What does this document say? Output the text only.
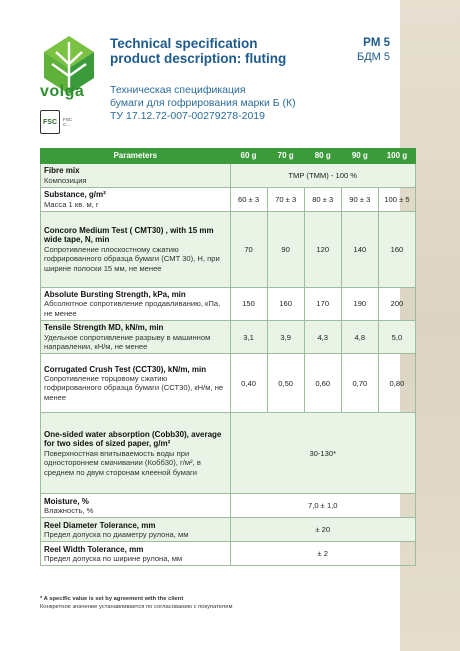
volga
FSC	FSC
C ...
Technical specification
product description: fluting
PM 5
БДМ 5
Техническая спецификация
бумаги для гофрирования марки Б (К)
ТУ 17.12.72-007-00279278-2019
Parameters	60 g	70 g	80 g	90 g	100 g

Fibre mix
Композиция	TMP (TMM) - 100 %				

Substance, g/m²
Масса 1 кв. м, г	60 ± 3	70 ± 3	80 ± 3	90 ± 3	100 ± 5

Concoro Medium Test ( CMT30) , with 15 mm wide tape, N, min
Сопротивление плоскостному сжатию гофрированного образца бумаги (CMT 30), Н, при ширине полоски 15 мм, не менее	70	90	120	140	160

Absolute Bursting Strength, kPa, min
Абсолютное сопротивление продавливанию, кПа, не менее	150	160	170	190	200

Tensile Strength MD, kN/m, min
Удельное сопротивление разрыву в машинном направлении, кН/м, не менее	3,1	3,9	4,3	4,8	5,0

Corrugated Crush Test (CCT30), kN/m, min
Сопротивление торцовому сжатию гофрированного образца бумаги (ССТ30), кН/м, не менее	0,40	0,50	0,60	0,70	0,80

One-sided water absorption (Cobb30), average for two sides of sized paper, g/m²
Поверхностная впитываемость воды при одностороннем смачивании (Кобб30), г/м², в среднем по двум сторонам клееной бумаги	30-130*				

Moisture, %
Влажность, %	7,0 ± 1,0				

Reel Diameter Tolerance, mm
Предел допуска по диаметру рулона, мм	± 20				

Reel Width Tolerance, mm
Предел допуска по ширине рулона, мм	± 2				
* A specific value is set by agreement with the client
Конкретное значение устанавливается по согласованию с покупателем
